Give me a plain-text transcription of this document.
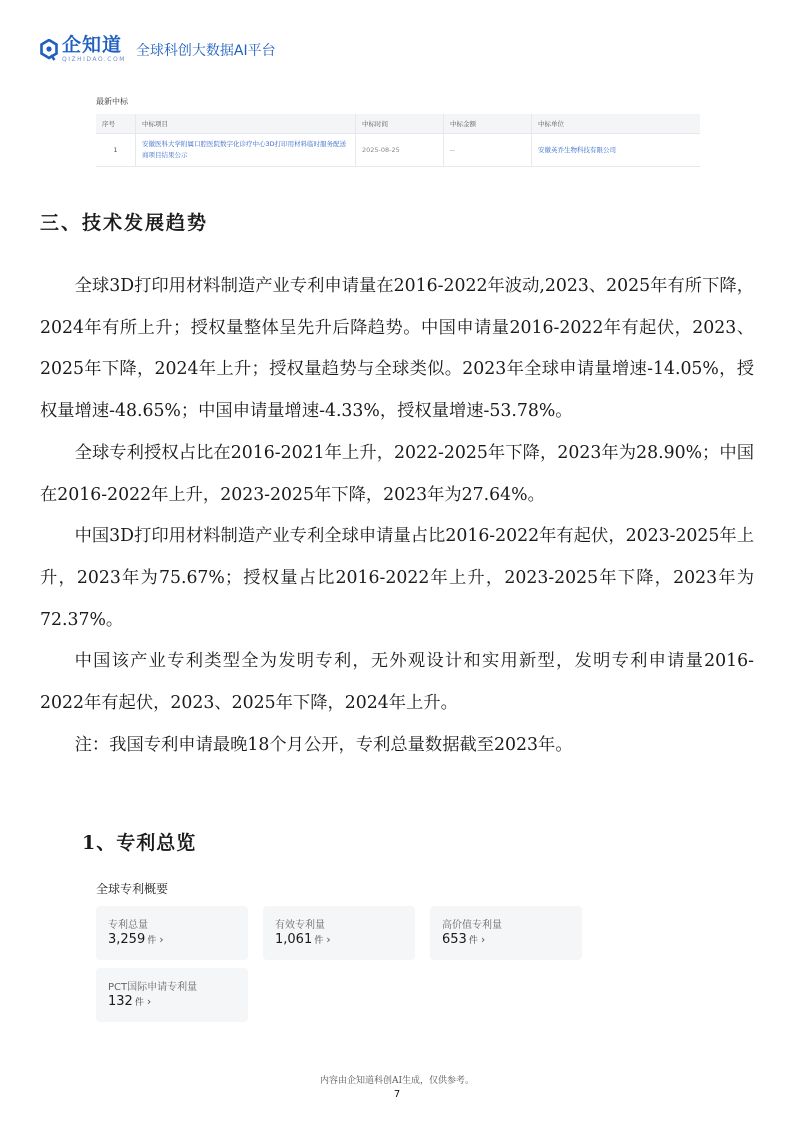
企知道
QIZHIDAO.COM
全球科创大数据AI平台
最新中标
序号	中标项目	中标时间	中标金额	中标单位
1	安徽医科大学附属口腔医院数字化诊疗中心3D打印用材料临时服务配送商项目结果公示	2025-08-25	--	安徽英乔生物科技有限公司
三、技术发展趋势

全球3D打印用材料制造产业专利申请量在2016-2022年波动,2023、2025年有所下降，2024年有所上升；授权量整体呈先升后降趋势。中国申请量2016-2022年有起伏，2023、2025年下降，2024年上升；授权量趋势与全球类似。2023年全球申请量增速-14.05%，授权量增速-48.65%；中国申请量增速-4.33%，授权量增速-53.78%。

全球专利授权占比在2016-2021年上升，2022-2025年下降，2023年为28.90%；中国在2016-2022年上升，2023-2025年下降，2023年为27.64%。

中国3D打印用材料制造产业专利全球申请量占比2016-2022年有起伏，2023-2025年上升，2023年为75.67%；授权量占比2016-2022年上升，2023-2025年下降，2023年为72.37%。

中国该产业专利类型全为发明专利，无外观设计和实用新型，发明专利申请量2016-2022年有起伏，2023、2025年下降，2024年上升。

注：我国专利申请最晚18个月公开，专利总量数据截至2023年。

1、专利总览
全球专利概要
专利总量
3,259 件 ›
有效专利量
1,061 件 ›
高价值专利量
653 件 ›
PCT国际申请专利量
132 件 ›
内容由企知道科创AI生成，仅供参考。
7
